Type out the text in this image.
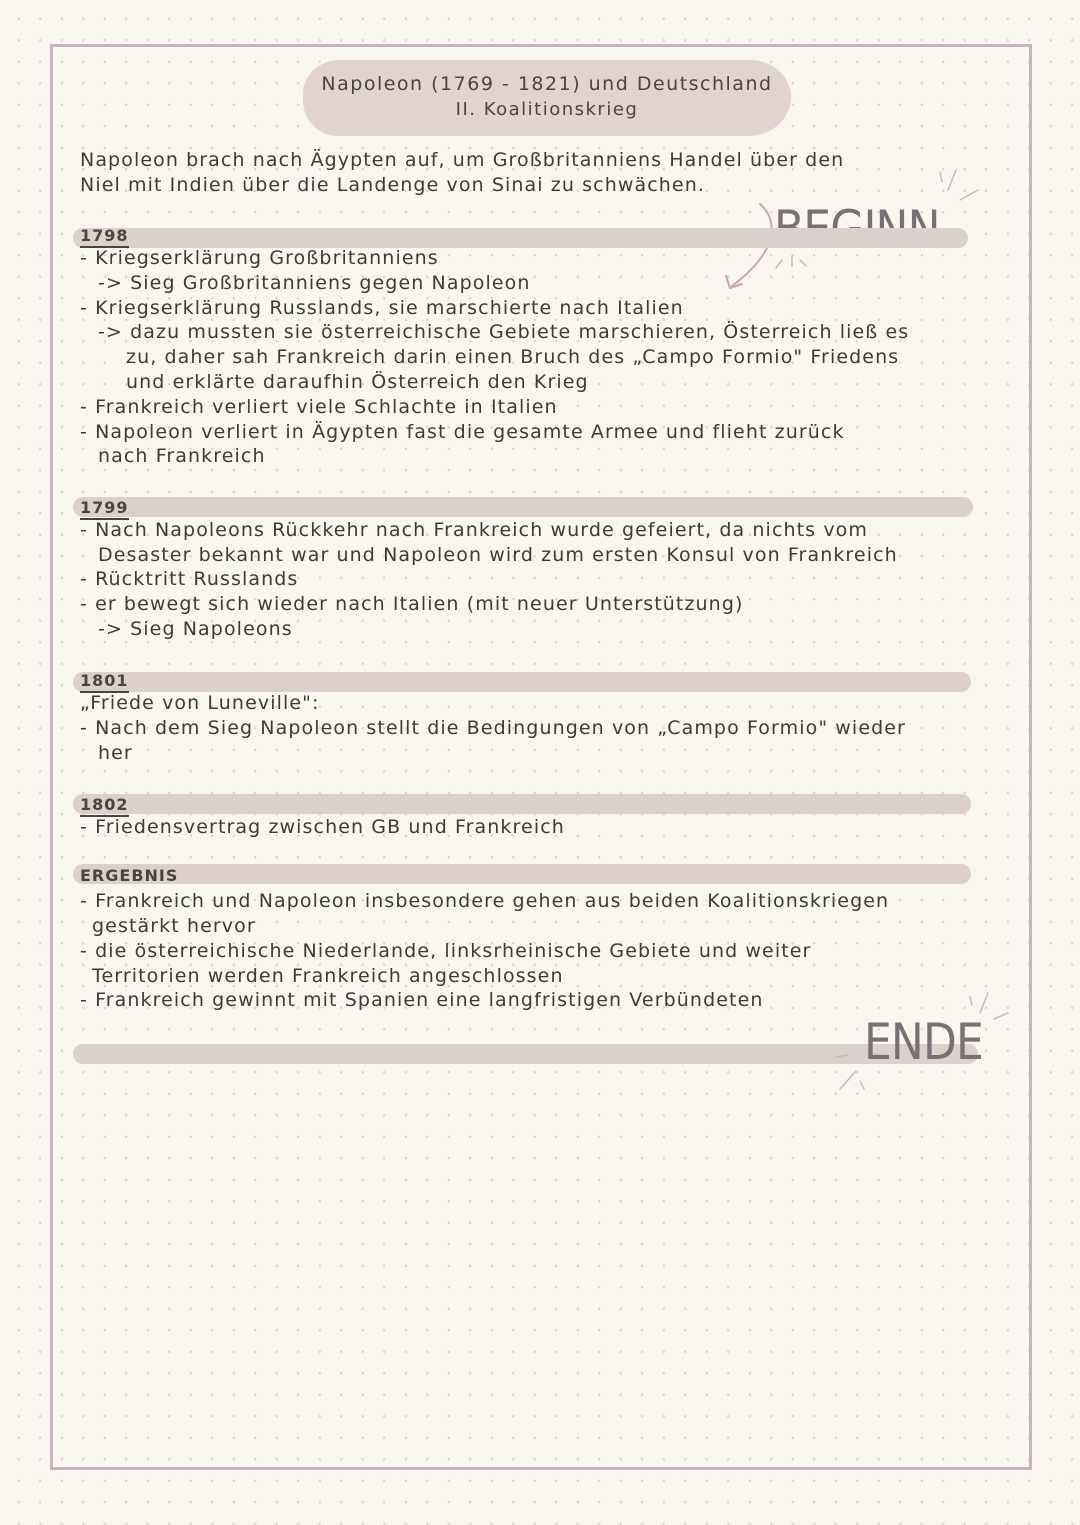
Napoleon (1769 - 1821) und Deutschland
II. Koalitionskrieg
Napoleon brach nach Ägypten auf, um Großbritanniens Handel über den
Niel mit Indien über die Landenge von Sinai zu schwächen.
1798
- Kriegserklärung Großbritanniens
-> Sieg Großbritanniens gegen Napoleon
- Kriegserklärung Russlands, sie marschierte nach Italien
-> dazu mussten sie österreichische Gebiete marschieren, Österreich ließ es
zu, daher sah Frankreich darin einen Bruch des „Campo Formio" Friedens
und erklärte daraufhin Österreich den Krieg
- Frankreich verliert viele Schlachte in Italien
- Napoleon verliert in Ägypten fast die gesamte Armee und flieht zurück
nach Frankreich
1799
- Nach Napoleons Rückkehr nach Frankreich wurde gefeiert, da nichts vom
Desaster bekannt war und Napoleon wird zum ersten Konsul von Frankreich
- Rücktritt Russlands
- er bewegt sich wieder nach Italien (mit neuer Unterstützung)
-> Sieg Napoleons
1801
„Friede von Luneville":
- Nach dem Sieg Napoleon stellt die Bedingungen von „Campo Formio" wieder
her
1802
- Friedensvertrag zwischen GB und Frankreich
ERGEBNIS
- Frankreich und Napoleon insbesondere gehen aus beiden Koalitionskriegen
gestärkt hervor
- die österreichische Niederlande, linksrheinische Gebiete und weiter
Territorien werden Frankreich angeschlossen
- Frankreich gewinnt mit Spanien eine langfristigen Verbündeten
ENDE
